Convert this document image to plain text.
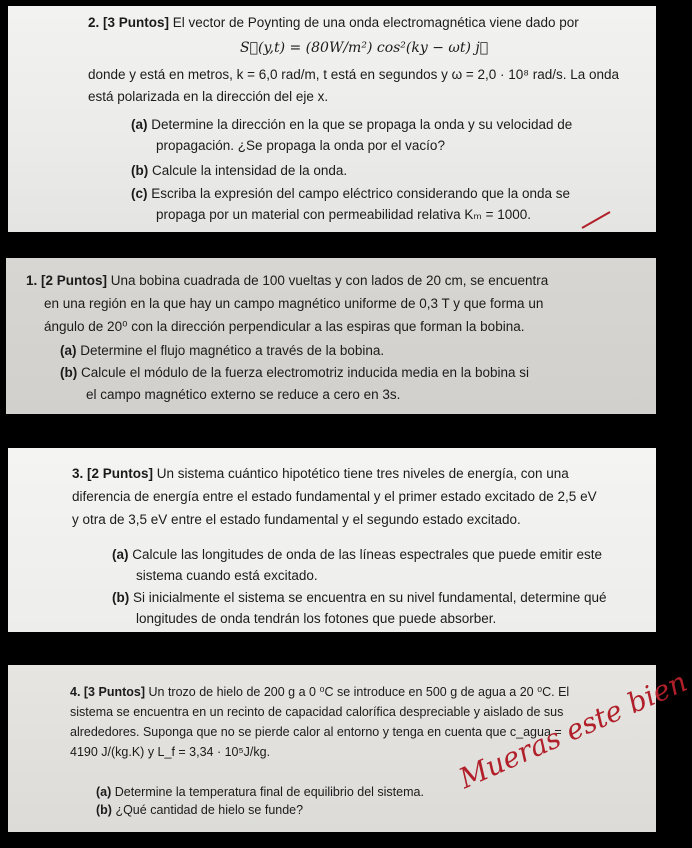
2. [3 Puntos] El vector de Poynting de una onda electromagnética viene dado por
S⃗(y,t) = (80W/m²) cos²(ky − ωt) j⃗
donde y está en metros, k = 6,0 rad/m, t está en segundos y ω = 2,0 · 10⁸ rad/s. La onda
está polarizada en la dirección del eje x.
(a) Determine la dirección en la que se propaga la onda y su velocidad de
propagación. ¿Se propaga la onda por el vacío?
(b) Calcule la intensidad de la onda.
(c) Escriba la expresión del campo eléctrico considerando que la onda se
propaga por un material con permeabilidad relativa Kₘ = 1000.
1. [2 Puntos] Una bobina cuadrada de 100 vueltas y con lados de 20 cm, se encuentra
en una región en la que hay un campo magnético uniforme de 0,3 T y que forma un
ángulo de 20⁰ con la dirección perpendicular a las espiras que forman la bobina.
(a) Determine el flujo magnético a través de la bobina.
(b) Calcule el módulo de la fuerza electromotriz inducida media en la bobina si
el campo magnético externo se reduce a cero en 3s.
3. [2 Puntos] Un sistema cuántico hipotético tiene tres niveles de energía, con una
diferencia de energía entre el estado fundamental y el primer estado excitado de 2,5 eV
y otra de 3,5 eV entre el estado fundamental y el segundo estado excitado.
(a) Calcule las longitudes de onda de las líneas espectrales que puede emitir este
sistema cuando está excitado.
(b) Si inicialmente el sistema se encuentra en su nivel fundamental, determine qué
longitudes de onda tendrán los fotones que puede absorber.
4. [3 Puntos] Un trozo de hielo de 200 g a 0 ⁰C se introduce en 500 g de agua a 20 ⁰C. El
sistema se encuentra en un recinto de capacidad calorífica despreciable y aislado de sus
alrededores. Suponga que no se pierde calor al entorno y tenga en cuenta que c_agua =
4190 J/(kg.K) y L_f = 3,34 · 10⁵J/kg.
(a) Determine la temperatura final de equilibrio del sistema.
(b) ¿Qué cantidad de hielo se funde?
Mueras este bien
